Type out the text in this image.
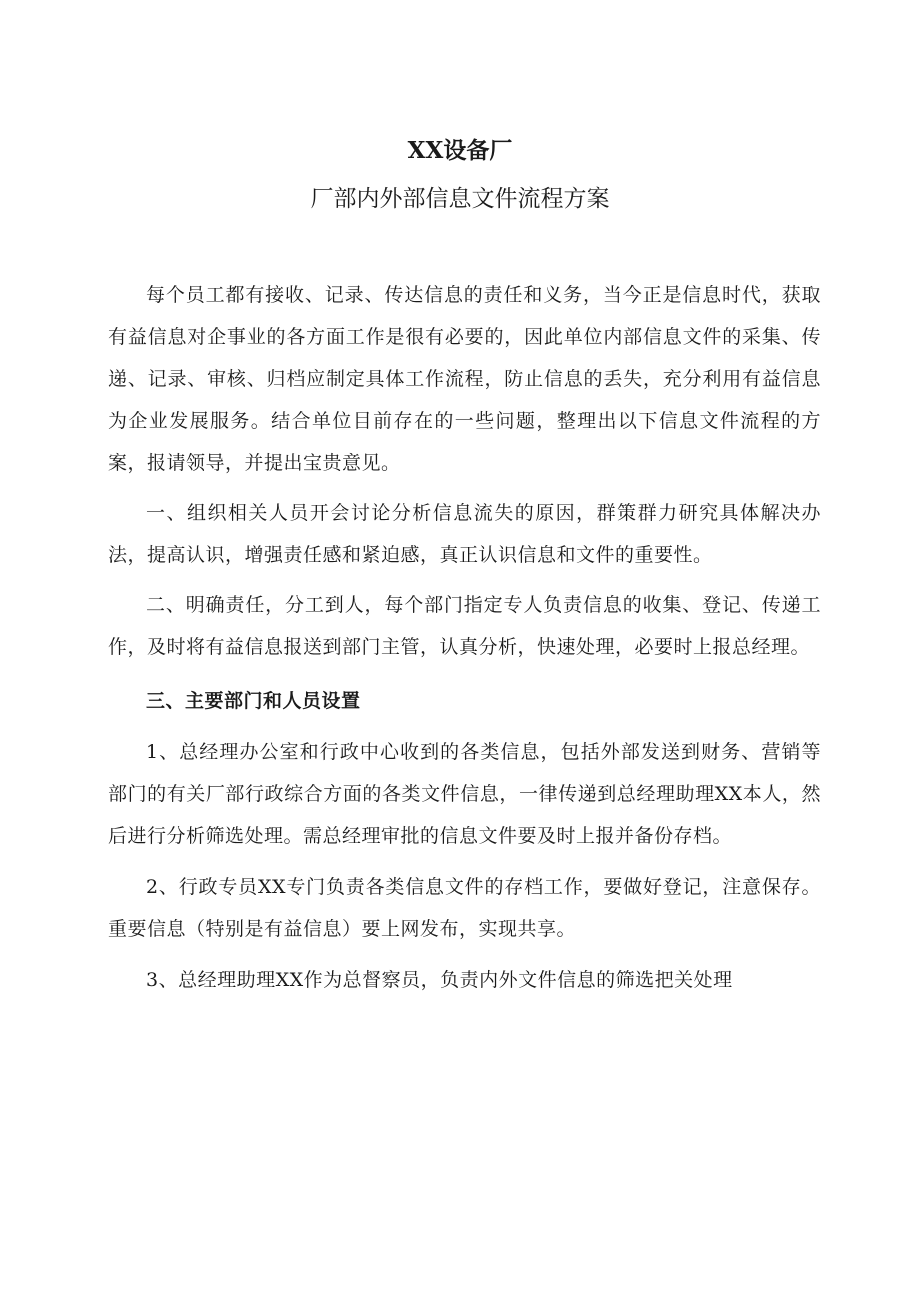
XX设备厂
厂部内外部信息文件流程方案

每个员工都有接收、记录、传达信息的责任和义务，当今正是信息时代，获取有益信息对企事业的各方面工作是很有必要的，因此单位内部信息文件的采集、传递、记录、审核、归档应制定具体工作流程，防止信息的丢失，充分利用有益信息为企业发展服务。结合单位目前存在的一些问题，整理出以下信息文件流程的方案，报请领导，并提出宝贵意见。

一、组织相关人员开会讨论分析信息流失的原因，群策群力研究具体解决办法，提高认识，增强责任感和紧迫感，真正认识信息和文件的重要性。

二、明确责任，分工到人，每个部门指定专人负责信息的收集、登记、传递工作，及时将有益信息报送到部门主管，认真分析，快速处理，必要时上报总经理。

三、主要部门和人员设置

1、总经理办公室和行政中心收到的各类信息，包括外部发送到财务、营销等部门的有关厂部行政综合方面的各类文件信息，一律传递到总经理助理XX本人，然后进行分析筛选处理。需总经理审批的信息文件要及时上报并备份存档。

2、行政专员XX专门负责各类信息文件的存档工作，要做好登记，注意保存。重要信息（特别是有益信息）要上网发布，实现共享。

3、总经理助理XX作为总督察员，负责内外文件信息的筛选把关处理
